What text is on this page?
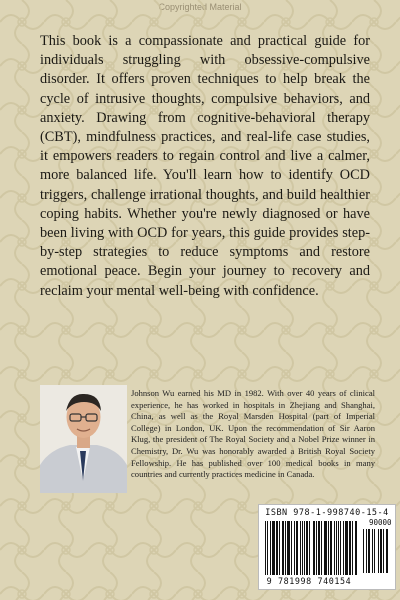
This book is a compassionate and practical guide for individuals struggling with obsessive-compulsive disorder. It offers proven techniques to help break the cycle of intrusive thoughts, compulsive behaviors, and anxiety. Drawing from cognitive-behavioral therapy (CBT), mindfulness practices, and real-life case studies, it empowers readers to regain control and live a calmer, more balanced life. You'll learn how to identify OCD triggers, challenge irrational thoughts, and build healthier coping habits. Whether you're newly diagnosed or have been living with OCD for years, this guide provides step-by-step strategies to reduce symptoms and restore emotional peace. Begin your journey to recovery and reclaim your mental well-being with confidence.

Johnson Wu earned his MD in 1982. With over 40 years of clinical experience, he has worked in hospitals in Zhejiang and Shanghai, China, as well as the Royal Marsden Hospital (part of Imperial College) in London, UK. Upon the recommendation of Sir Aaron Klug, the president of The Royal Society and a Nobel Prize winner in Chemistry, Dr. Wu was honorably awarded a British Royal Society Fellowship. He has published over 100 medical books in many countries and currently practices medicine in Canada.

ISBN 978-1-998740-15-4
90000
9 781998 740154
